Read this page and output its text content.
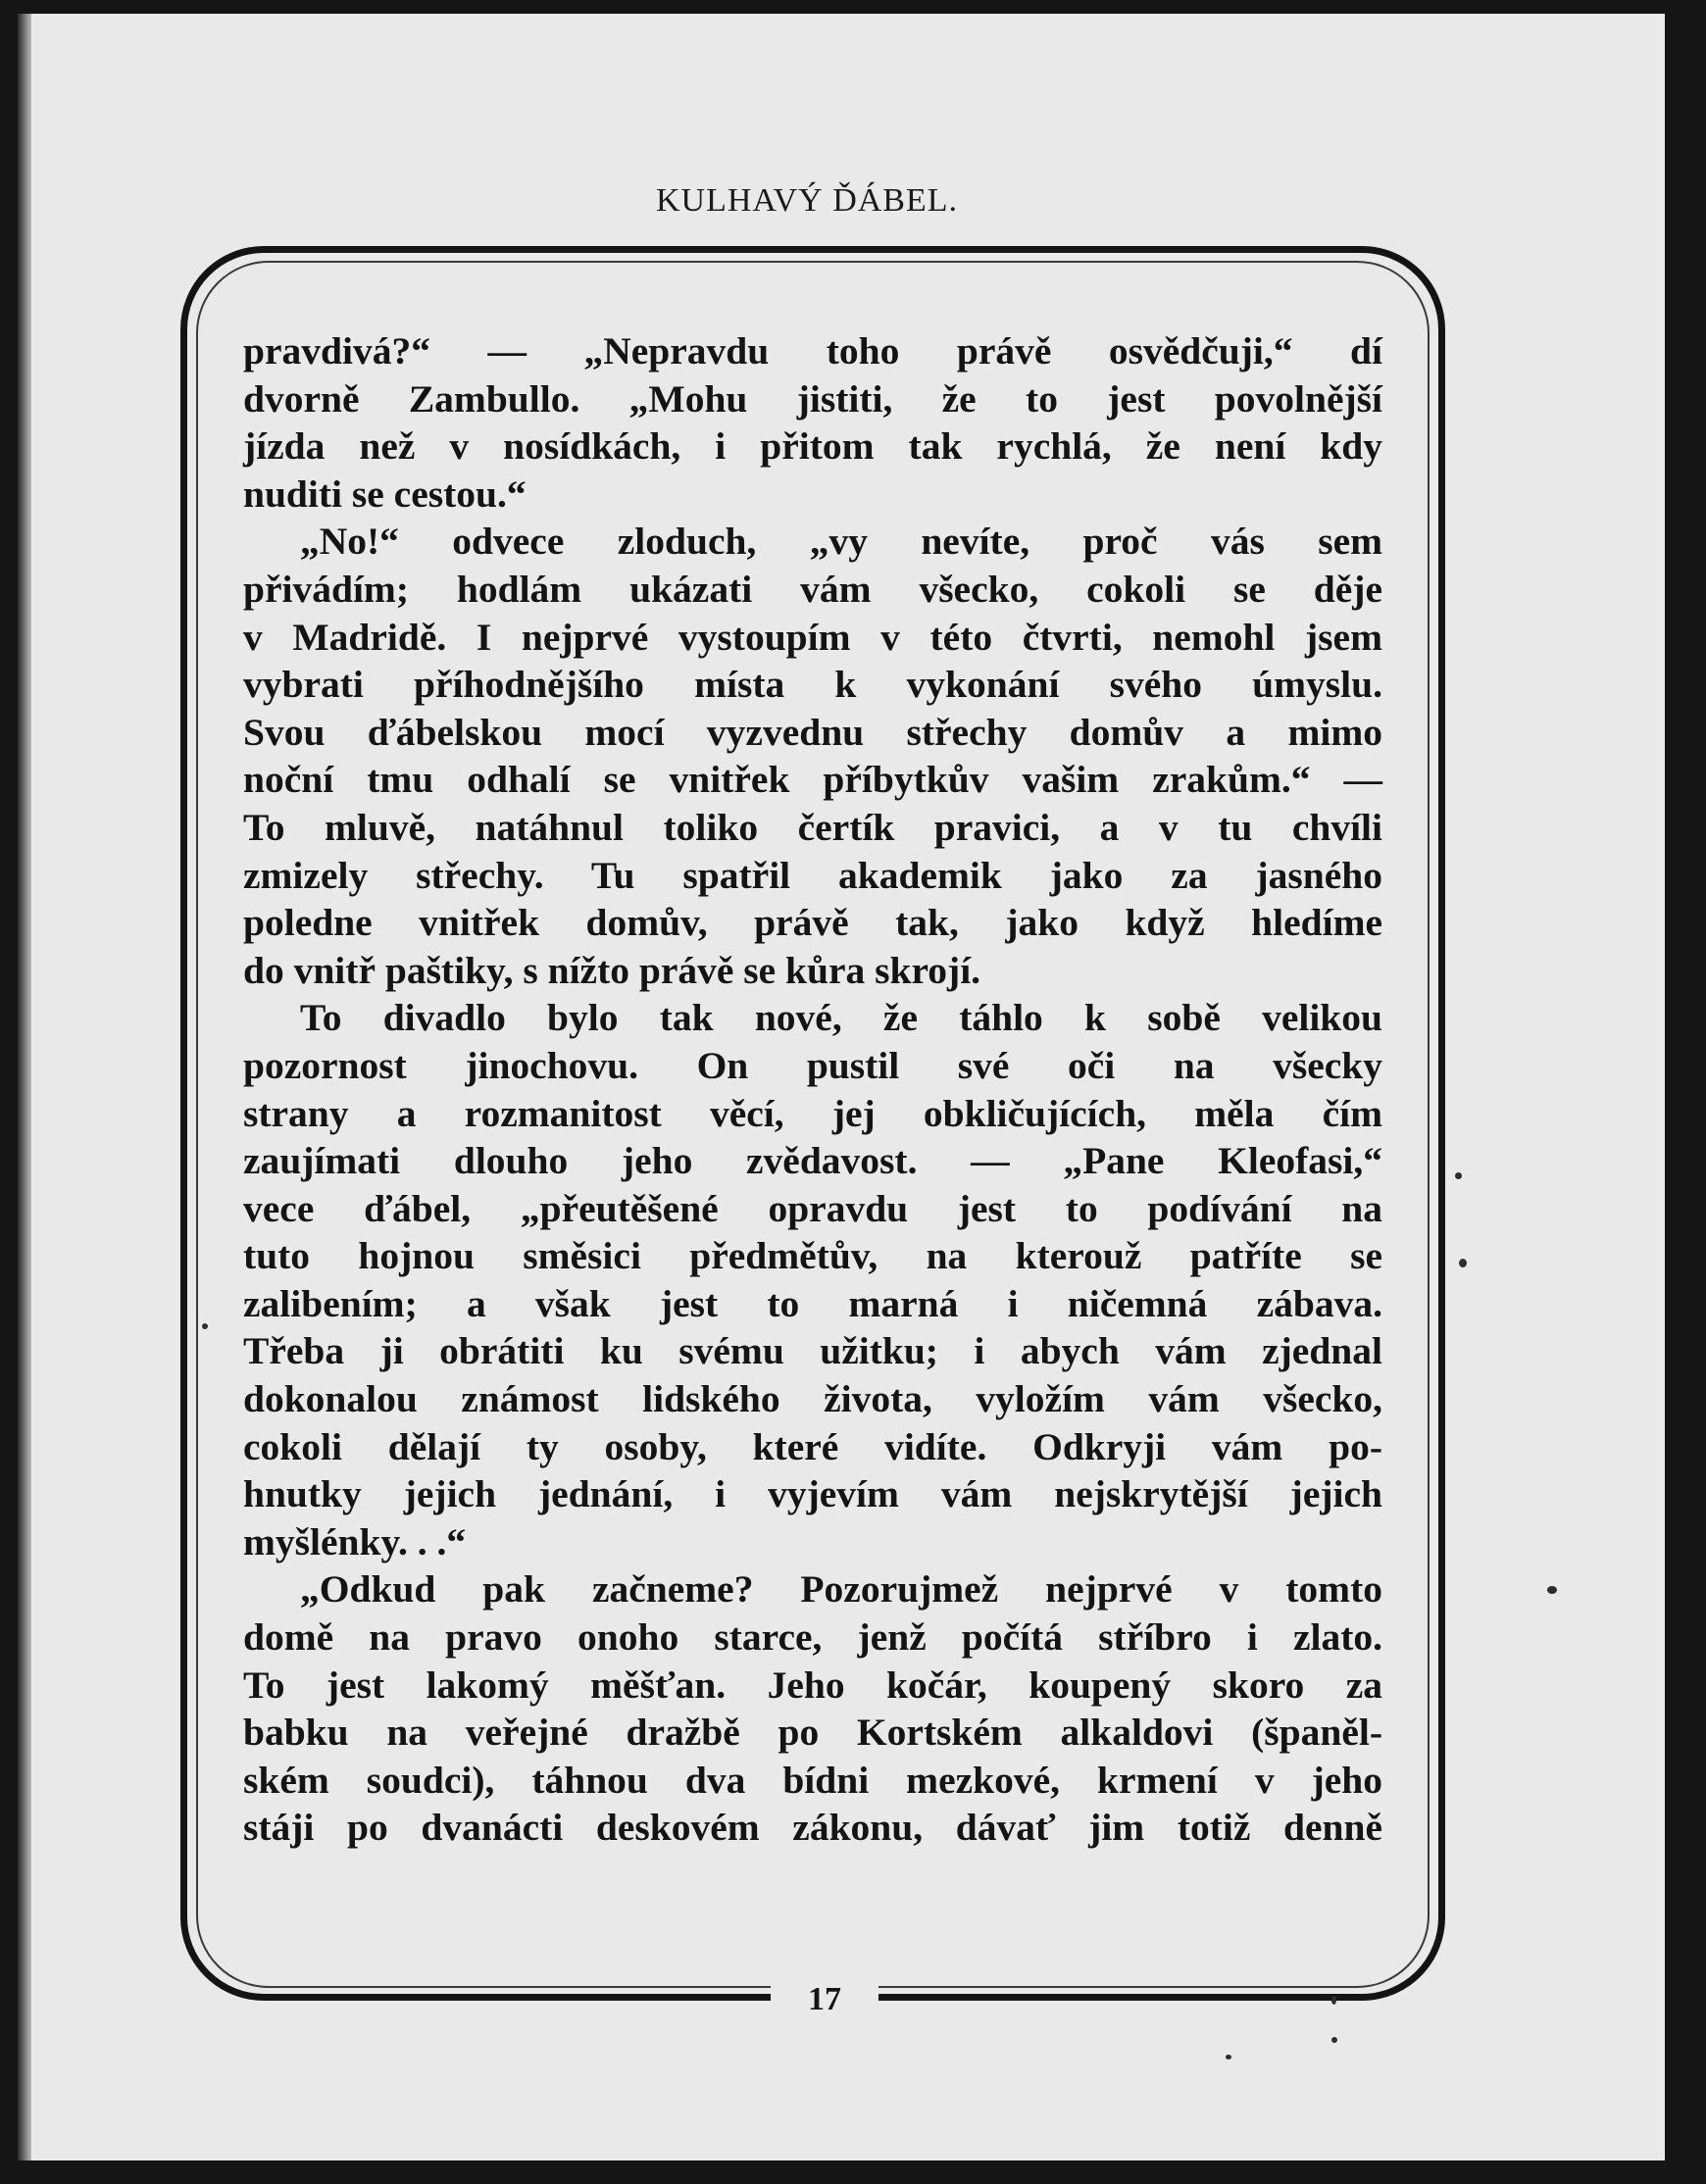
KULHAVÝ ĎÁBEL.
17
pravdivá?“ — „Nepravdu toho právě osvědčuji,“ dí
dvorně Zambullo. „Mohu jistiti, že to jest povolnější
jízda než v nosídkách, i přitom tak rychlá, že není kdy
nuditi se cestou.“
„No!“ odvece zloduch, „vy nevíte, proč vás sem
přivádím; hodlám ukázati vám všecko, cokoli se děje
v Madridě. I nejprvé vystoupím v této čtvrti, nemohl jsem
vybrati příhodnějšího místa k vykonání svého úmyslu.
Svou ďábelskou mocí vyzvednu střechy domův a mimo
noční tmu odhalí se vnitřek příbytkův vašim zrakům.“ —
To mluvě, natáhnul toliko čertík pravici, a v tu chvíli
zmizely střechy. Tu spatřil akademik jako za jasného
poledne vnitřek domův, právě tak, jako když hledíme
do vnitř paštiky, s nížto právě se kůra skrojí.
To divadlo bylo tak nové, že táhlo k sobě velikou
pozornost jinochovu. On pustil své oči na všecky
strany a rozmanitost věcí, jej obkličujících, měla čím
zaujímati dlouho jeho zvědavost. — „Pane Kleofasi,“
vece ďábel, „přeutěšené opravdu jest to podívání na
tuto hojnou směsici předmětův, na kterouž patříte se
zalibením; a však jest to marná i ničemná zábava.
Třeba ji obrátiti ku svému užitku; i abych vám zjednal
dokonalou známost lidského života, vyložím vám všecko,
cokoli dělají ty osoby, které vidíte. Odkryji vám po-
hnutky jejich jednání, i vyjevím vám nejskrytější jejich
myšlénky. . .“
„Odkud pak začneme? Pozorujmež nejprvé v tomto
domě na pravo onoho starce, jenž počítá stříbro i zlato.
To jest lakomý měšťan. Jeho kočár, koupený skoro za
babku na veřejné dražbě po Kortském alkaldovi (španěl-
ském soudci), táhnou dva bídni mezkové, krmení v jeho
stáji po dvanácti deskovém zákonu, dávať jim totiž denně
